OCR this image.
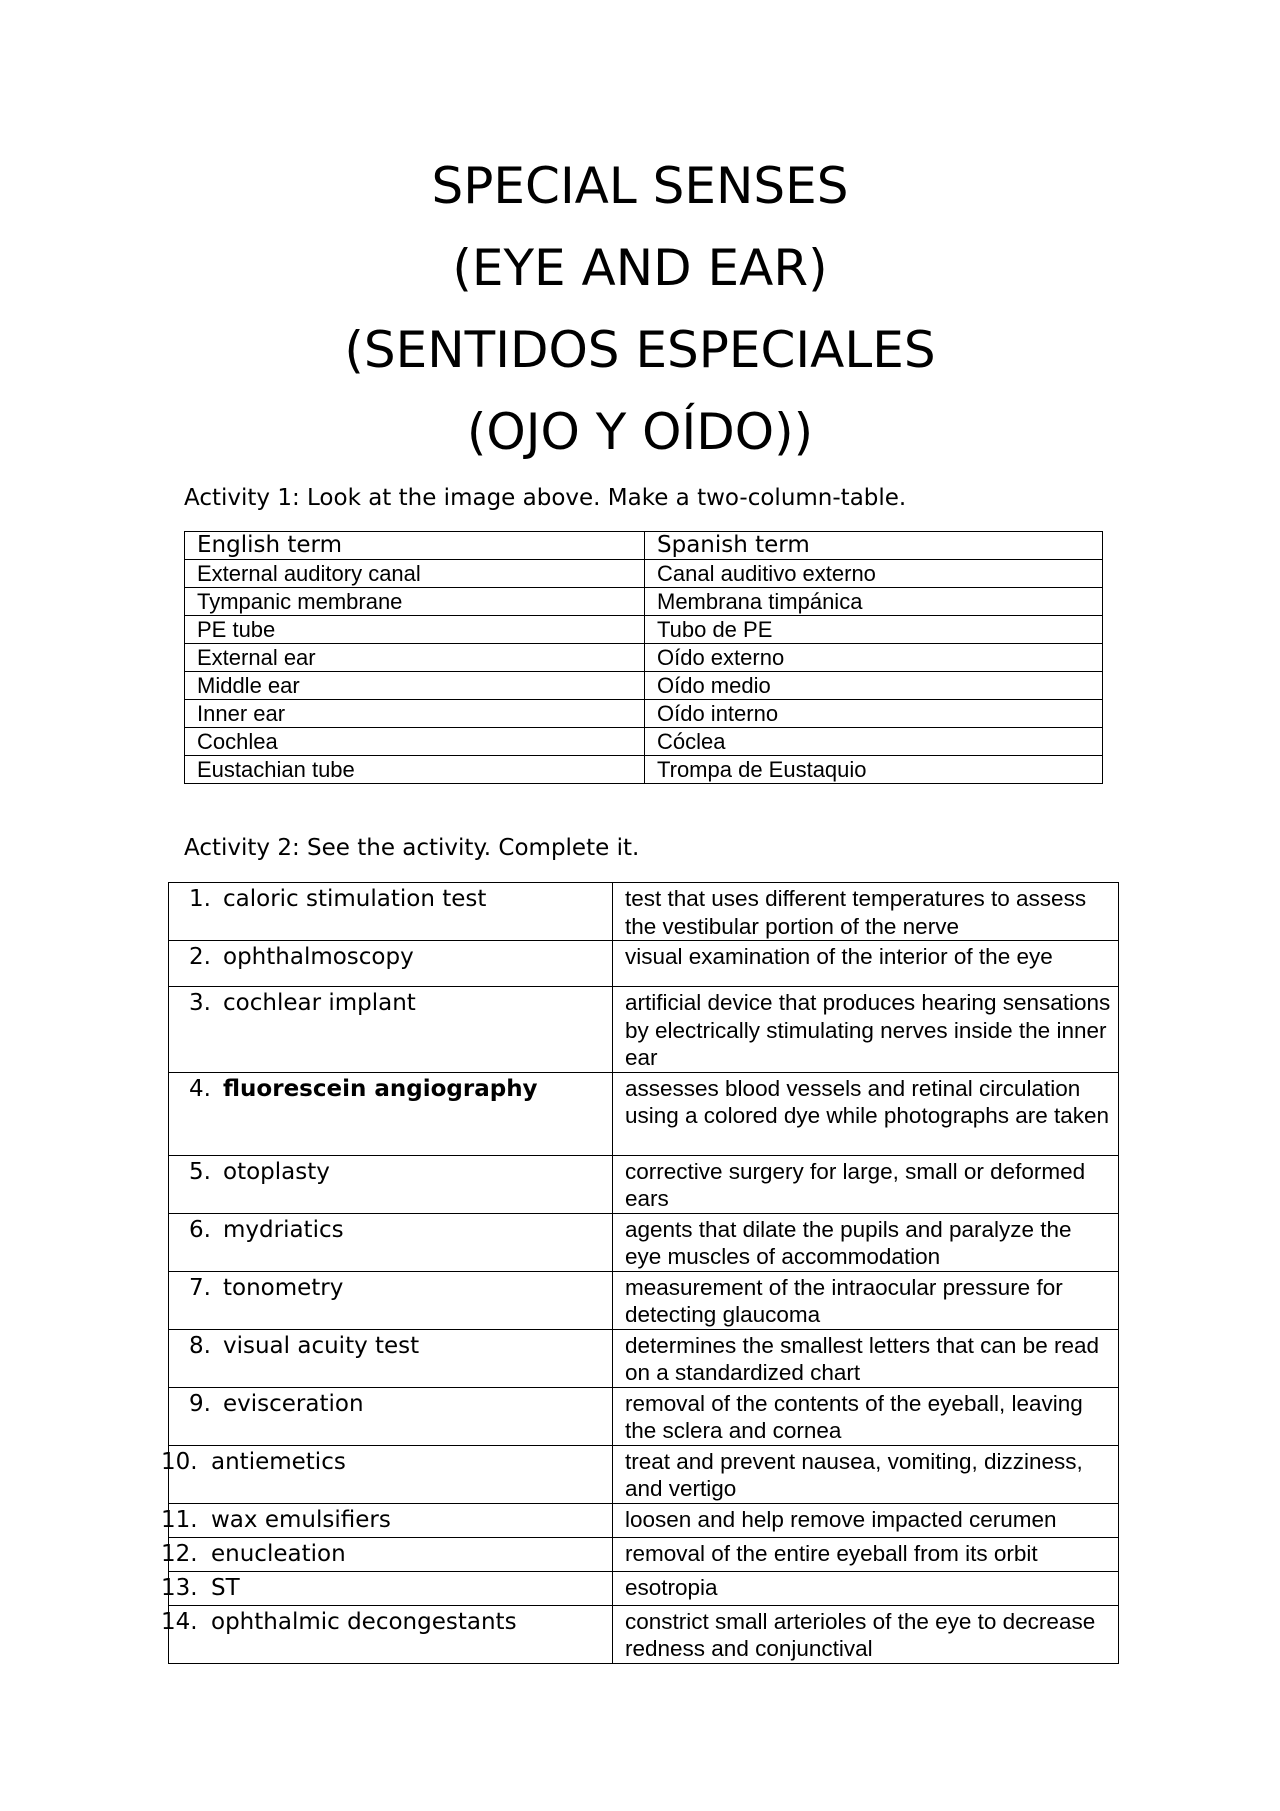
SPECIAL SENSES
(EYE AND EAR)
(SENTIDOS ESPECIALES
(OJO Y OÍDO))

Activity 1: Look at the image above. Make a two-column-table.

English term	Spanish term
External auditory canal	Canal auditivo externo
Tympanic membrane	Membrana timpánica
PE tube	Tubo de PE
External ear	Oído externo
Middle ear	Oído medio
Inner ear	Oído interno
Cochlea	Cóclea
Eustachian tube	Trompa de Eustaquio

Activity 2: See the activity. Complete it.

1. caloric stimulation test	test that uses different temperatures to assess the vestibular portion of the nerve

2. ophthalmoscopy	visual examination of the interior of the eye

3. cochlear implant	artificial device that produces hearing sensations by electrically stimulating nerves inside the inner ear

4. fluorescein angiography	assesses blood vessels and retinal circulation using a colored dye while photographs are taken

5. otoplasty	corrective surgery for large, small or deformed ears

6. mydriatics	agents that dilate the pupils and paralyze the eye muscles of accommodation

7. tonometry	measurement of the intraocular pressure for detecting glaucoma

8. visual acuity test	determines the smallest letters that can be read on a standardized chart

9. evisceration	removal of the contents of the eyeball, leaving the sclera and cornea

10. antiemetics	treat and prevent nausea, vomiting, dizziness, and vertigo

11. wax emulsifiers	loosen and help remove impacted cerumen

12. enucleation	removal of the entire eyeball from its orbit

13. ST	esotropia

14. ophthalmic decongestants	constrict small arterioles of the eye to decrease redness and conjunctival
